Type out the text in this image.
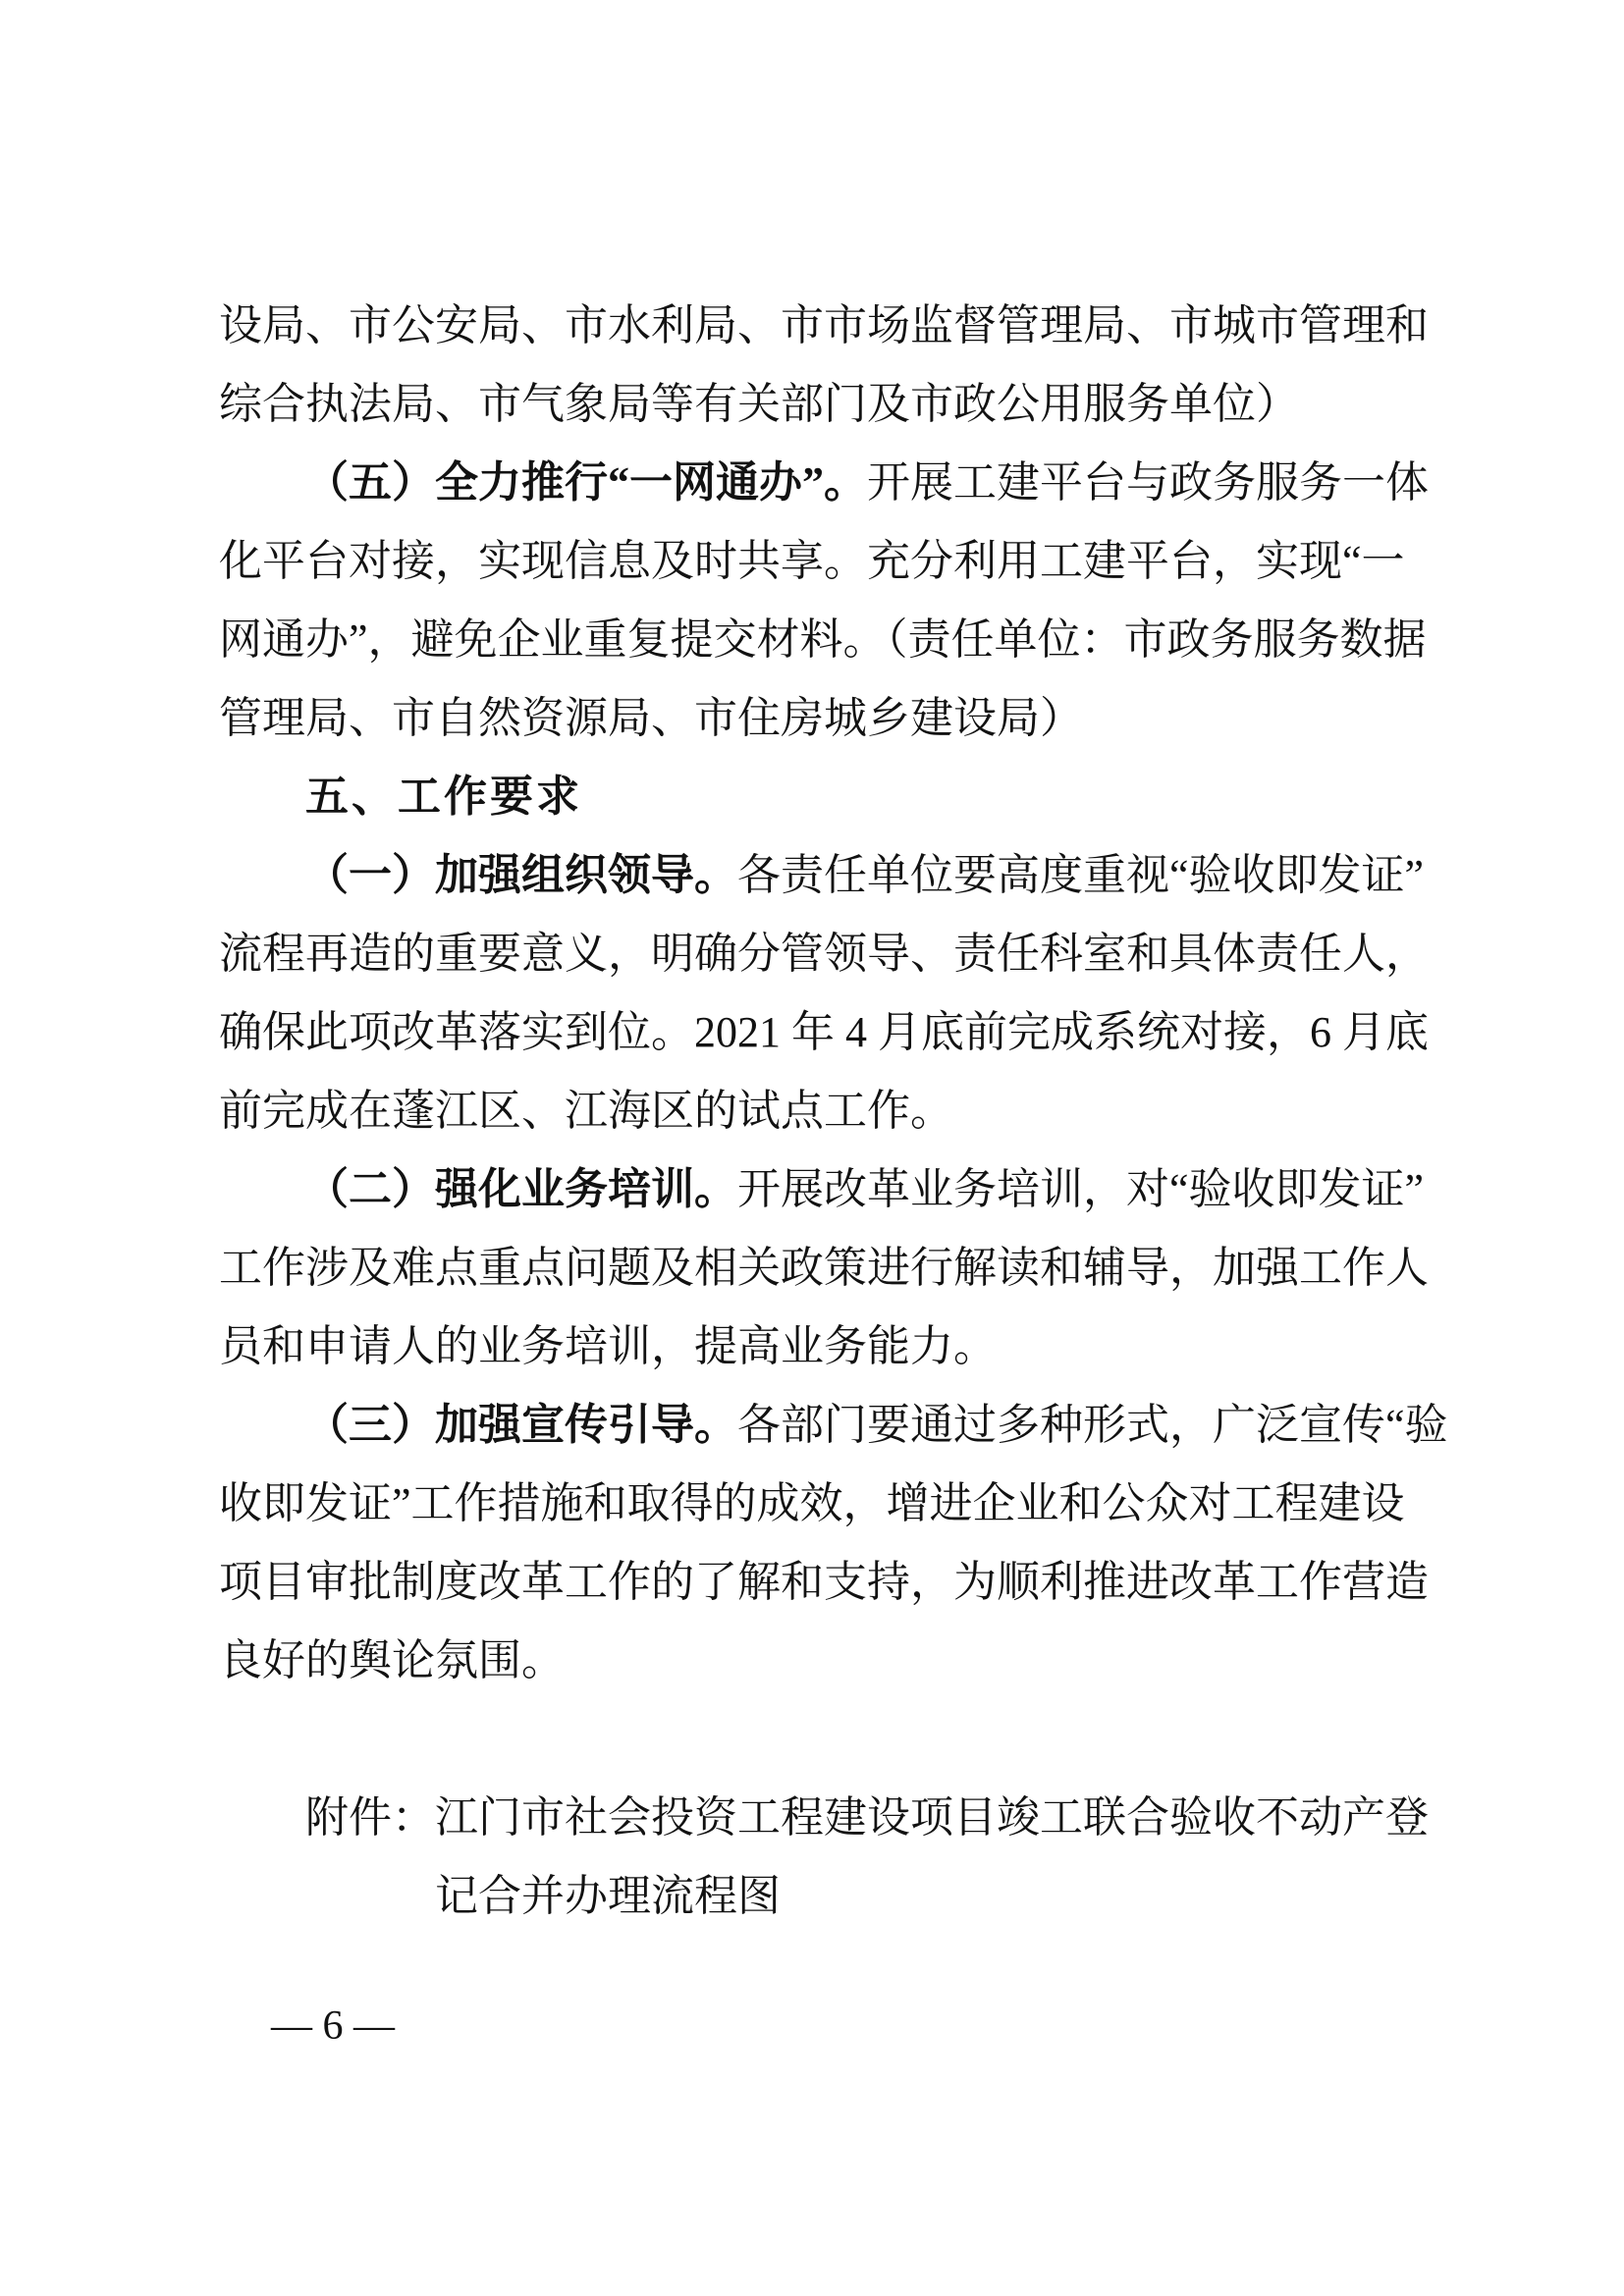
设局、市公安局、市水利局、市市场监督管理局、市城市管理和
综合执法局、市气象局等有关部门及市政公用服务单位）
（五）全力推行“一网通办”。开展工建平台与政务服务一体
化平台对接，实现信息及时共享。充分利用工建平台，实现“一
网通办”，避免企业重复提交材料。（责任单位：市政务服务数据
管理局、市自然资源局、市住房城乡建设局）
五、工作要求
（一）加强组织领导。各责任单位要高度重视“验收即发证”
流程再造的重要意义，明确分管领导、责任科室和具体责任人，
确保此项改革落实到位。2021 年 4 月底前完成系统对接，6 月底
前完成在蓬江区、江海区的试点工作。
（二）强化业务培训。开展改革业务培训，对“验收即发证”
工作涉及难点重点问题及相关政策进行解读和辅导，加强工作人
员和申请人的业务培训，提高业务能力。
（三）加强宣传引导。各部门要通过多种形式，广泛宣传“验
收即发证”工作措施和取得的成效，增进企业和公众对工程建设
项目审批制度改革工作的了解和支持，为顺利推进改革工作营造
良好的舆论氛围。
附件：江门市社会投资工程建设项目竣工联合验收不动产登
记合并办理流程图
— 6 —
